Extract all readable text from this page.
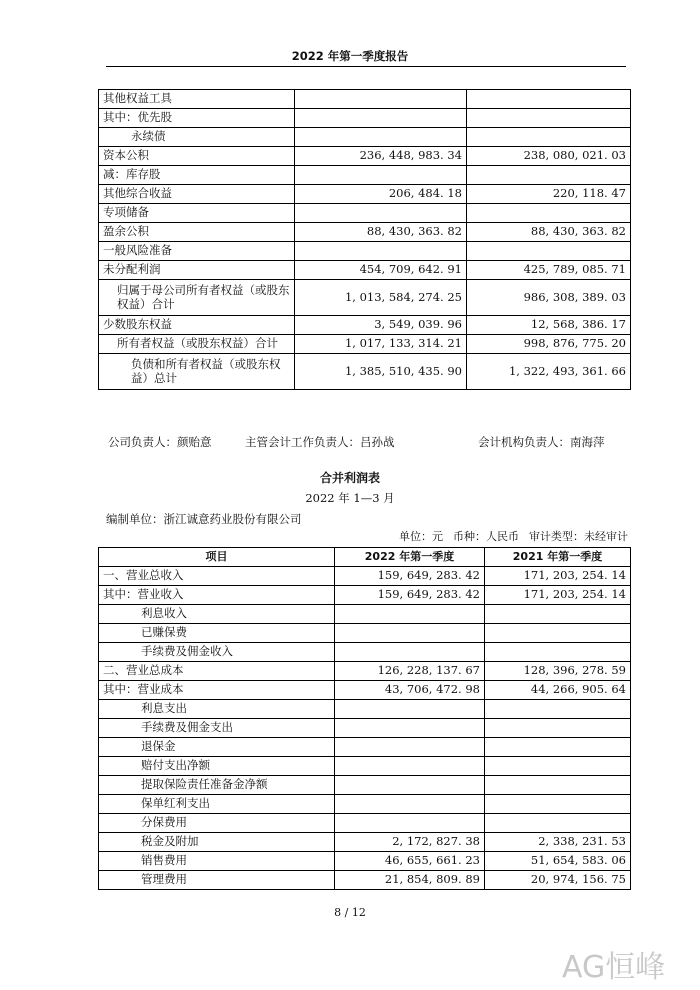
2022 年第一季度报告
其他权益工具		
其中：优先股		
永续债		
资本公积	236, 448, 983. 34	238, 080, 021. 03
减：库存股		
其他综合收益	206, 484. 18	220, 118. 47
专项储备		
盈余公积	88, 430, 363. 82	88, 430, 363. 82
一般风险准备		
未分配利润	454, 709, 642. 91	425, 789, 085. 71
归属于母公司所有者权益（或股东权益）合计	1, 013, 584, 274. 25	986, 308, 389. 03
少数股东权益	3, 549, 039. 96	12, 568, 386. 17
所有者权益（或股东权益）合计	1, 017, 133, 314. 21	998, 876, 775. 20
负债和所有者权益（或股东权益）总计	1, 385, 510, 435. 90	1, 322, 493, 361. 66
公司负责人：颜贻意	主管会计工作负责人：吕孙战	会计机构负责人：南海萍
合并利润表
2022 年 1—3 月
编制单位：浙江诚意药业股份有限公司
单位：元 币种：人民币 审计类型：未经审计
项目	2022 年第一季度	2021 年第一季度
一、营业总收入	159, 649, 283. 42	171, 203, 254. 14
其中：营业收入	159, 649, 283. 42	171, 203, 254. 14
利息收入		
已赚保费		
手续费及佣金收入		
二、营业总成本	126, 228, 137. 67	128, 396, 278. 59
其中：营业成本	43, 706, 472. 98	44, 266, 905. 64
利息支出		
手续费及佣金支出		
退保金		
赔付支出净额		
提取保险责任准备金净额		
保单红利支出		
分保费用		
税金及附加	2, 172, 827. 38	2, 338, 231. 53
销售费用	46, 655, 661. 23	51, 654, 583. 06
管理费用	21, 854, 809. 89	20, 974, 156. 75
8 / 12
AG恒峰
